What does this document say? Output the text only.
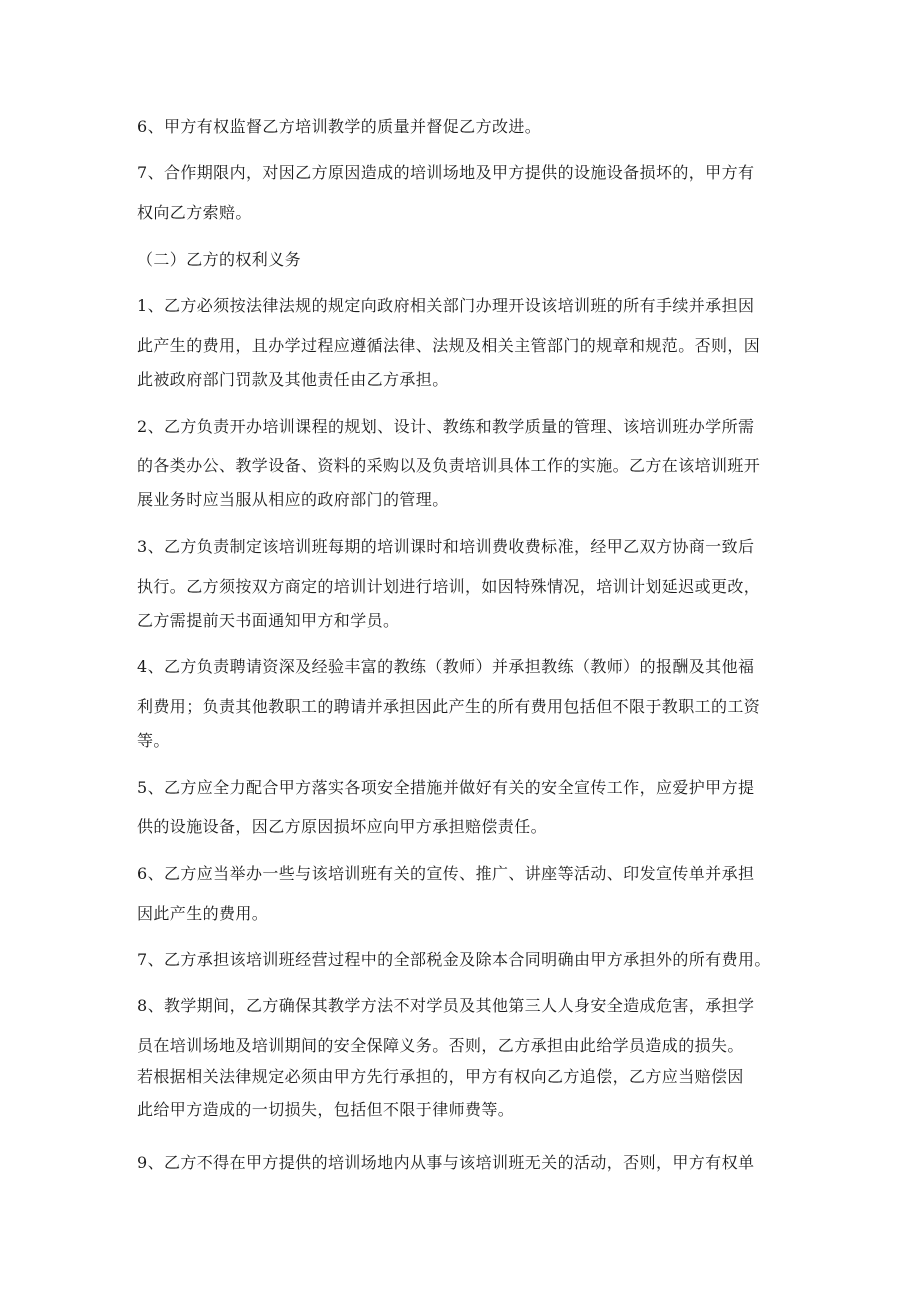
6、甲方有权监督乙方培训教学的质量并督促乙方改进。
7、合作期限内，对因乙方原因造成的培训场地及甲方提供的设施设备损坏的，甲方有
权向乙方索赔。
（二）乙方的权利义务
1、乙方必须按法律法规的规定向政府相关部门办理开设该培训班的所有手续并承担因
此产生的费用，且办学过程应遵循法律、法规及相关主管部门的规章和规范。否则，因
此被政府部门罚款及其他责任由乙方承担。
2、乙方负责开办培训课程的规划、设计、教练和教学质量的管理、该培训班办学所需
的各类办公、教学设备、资料的采购以及负责培训具体工作的实施。乙方在该培训班开
展业务时应当服从相应的政府部门的管理。
3、乙方负责制定该培训班每期的培训课时和培训费收费标准，经甲乙双方协商一致后
执行。乙方须按双方商定的培训计划进行培训，如因特殊情况，培训计划延迟或更改，
乙方需提前天书面通知甲方和学员。
4、乙方负责聘请资深及经验丰富的教练（教师）并承担教练（教师）的报酬及其他福
利费用；负责其他教职工的聘请并承担因此产生的所有费用包括但不限于教职工的工资
等。
5、乙方应全力配合甲方落实各项安全措施并做好有关的安全宣传工作，应爱护甲方提
供的设施设备，因乙方原因损坏应向甲方承担赔偿责任。
6、乙方应当举办一些与该培训班有关的宣传、推广、讲座等活动、印发宣传单并承担
因此产生的费用。
7、乙方承担该培训班经营过程中的全部税金及除本合同明确由甲方承担外的所有费用。
8、教学期间，乙方确保其教学方法不对学员及其他第三人人身安全造成危害，承担学
员在培训场地及培训期间的安全保障义务。否则，乙方承担由此给学员造成的损失。
若根据相关法律规定必须由甲方先行承担的，甲方有权向乙方追偿，乙方应当赔偿因
此给甲方造成的一切损失，包括但不限于律师费等。
9、乙方不得在甲方提供的培训场地内从事与该培训班无关的活动，否则，甲方有权单
